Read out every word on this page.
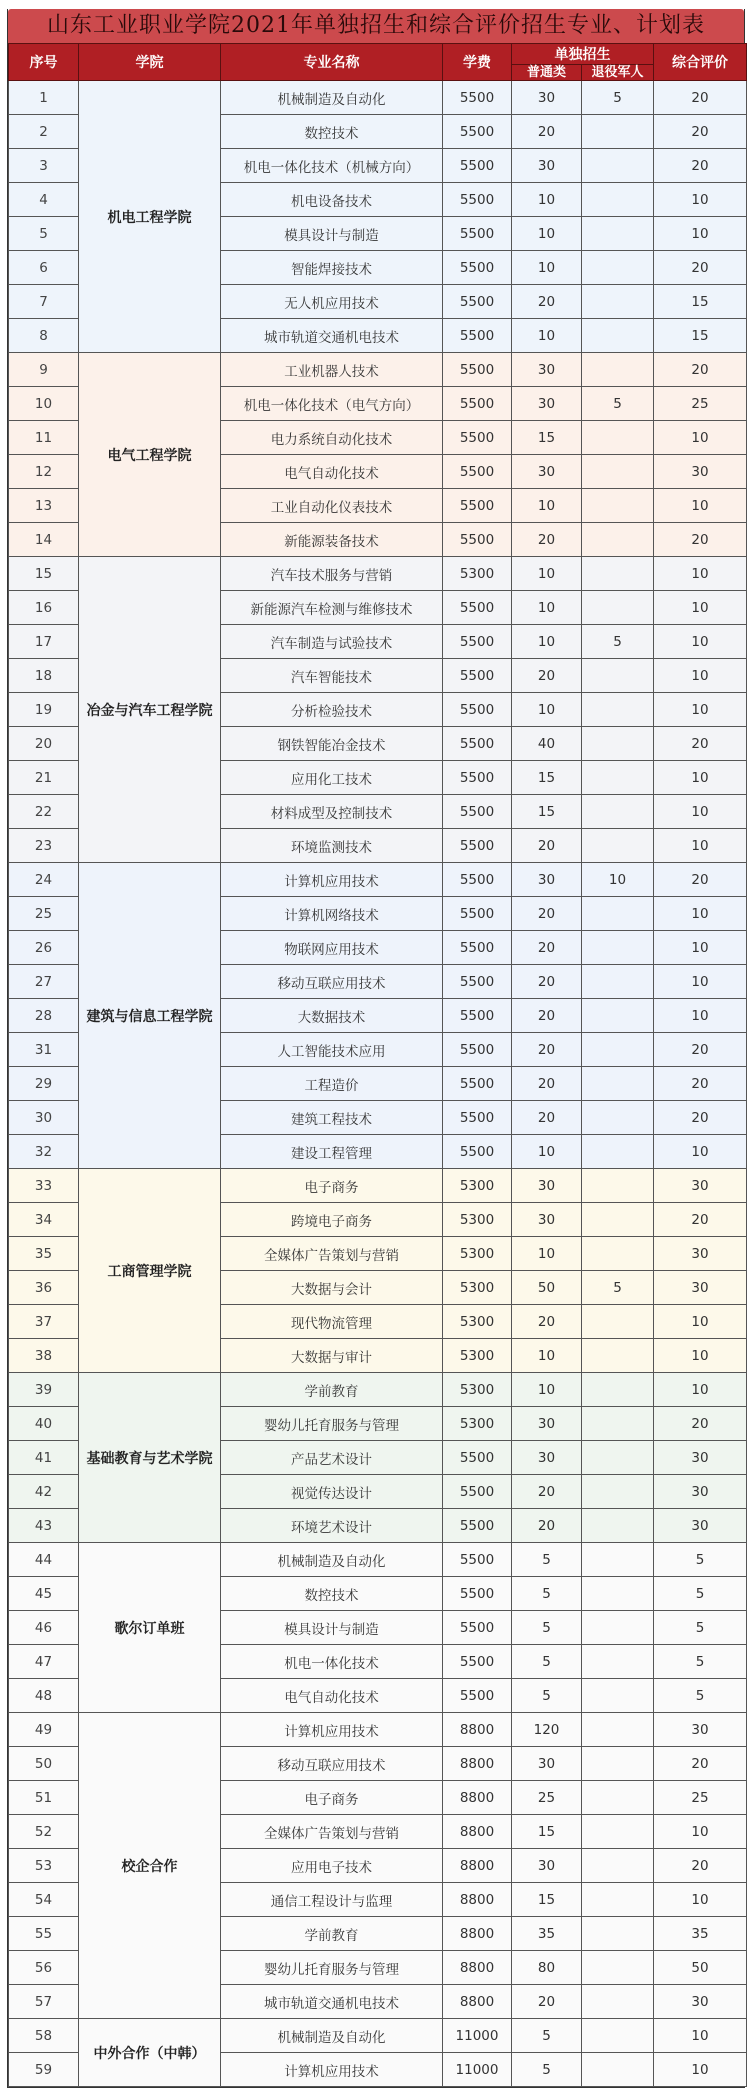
山东工业职业学院2021年单独招生和综合评价招生专业、计划表
序号	学院	专业名称	学费	单独招生		综合评价
				普通类	退役军人	
1	机电工程学院	机械制造及自动化	5500	30	5	20
2		数控技术	5500	20		20
3		机电一体化技术（机械方向）	5500	30		20
4		机电设备技术	5500	10		10
5		模具设计与制造	5500	10		10
6		智能焊接技术	5500	10		20
7		无人机应用技术	5500	20		15
8		城市轨道交通机电技术	5500	10		15
9	电气工程学院	工业机器人技术	5500	30		20
10		机电一体化技术（电气方向）	5500	30	5	25
11		电力系统自动化技术	5500	15		10
12		电气自动化技术	5500	30		30
13		工业自动化仪表技术	5500	10		10
14		新能源装备技术	5500	20		20
15	冶金与汽车工程学院	汽车技术服务与营销	5300	10		10
16		新能源汽车检测与维修技术	5500	10		10
17		汽车制造与试验技术	5500	10	5	10
18		汽车智能技术	5500	20		10
19		分析检验技术	5500	10		10
20		钢铁智能冶金技术	5500	40		20
21		应用化工技术	5500	15		10
22		材料成型及控制技术	5500	15		10
23		环境监测技术	5500	20		10
24	建筑与信息工程学院	计算机应用技术	5500	30	10	20
25		计算机网络技术	5500	20		10
26		物联网应用技术	5500	20		10
27		移动互联应用技术	5500	20		10
28		大数据技术	5500	20		10
31		人工智能技术应用	5500	20		20
29		工程造价	5500	20		20
30		建筑工程技术	5500	20		20
32		建设工程管理	5500	10		10
33	工商管理学院	电子商务	5300	30		30
34		跨境电子商务	5300	30		20
35		全媒体广告策划与营销	5300	10		30
36		大数据与会计	5300	50	5	30
37		现代物流管理	5300	20		10
38		大数据与审计	5300	10		10
39	基础教育与艺术学院	学前教育	5300	10		10
40		婴幼儿托育服务与管理	5300	30		20
41		产品艺术设计	5500	30		30
42		视觉传达设计	5500	20		30
43		环境艺术设计	5500	20		30
44	歌尔订单班	机械制造及自动化	5500	5		5
45		数控技术	5500	5		5
46		模具设计与制造	5500	5		5
47		机电一体化技术	5500	5		5
48		电气自动化技术	5500	5		5
49	校企合作	计算机应用技术	8800	120		30
50		移动互联应用技术	8800	30		20
51		电子商务	8800	25		25
52		全媒体广告策划与营销	8800	15		10
53		应用电子技术	8800	30		20
54		通信工程设计与监理	8800	15		10
55		学前教育	8800	35		35
56		婴幼儿托育服务与管理	8800	80		50
57		城市轨道交通机电技术	8800	20		30
58	中外合作（中韩）	机械制造及自动化	11000	5		10
59		计算机应用技术	11000	5		10
